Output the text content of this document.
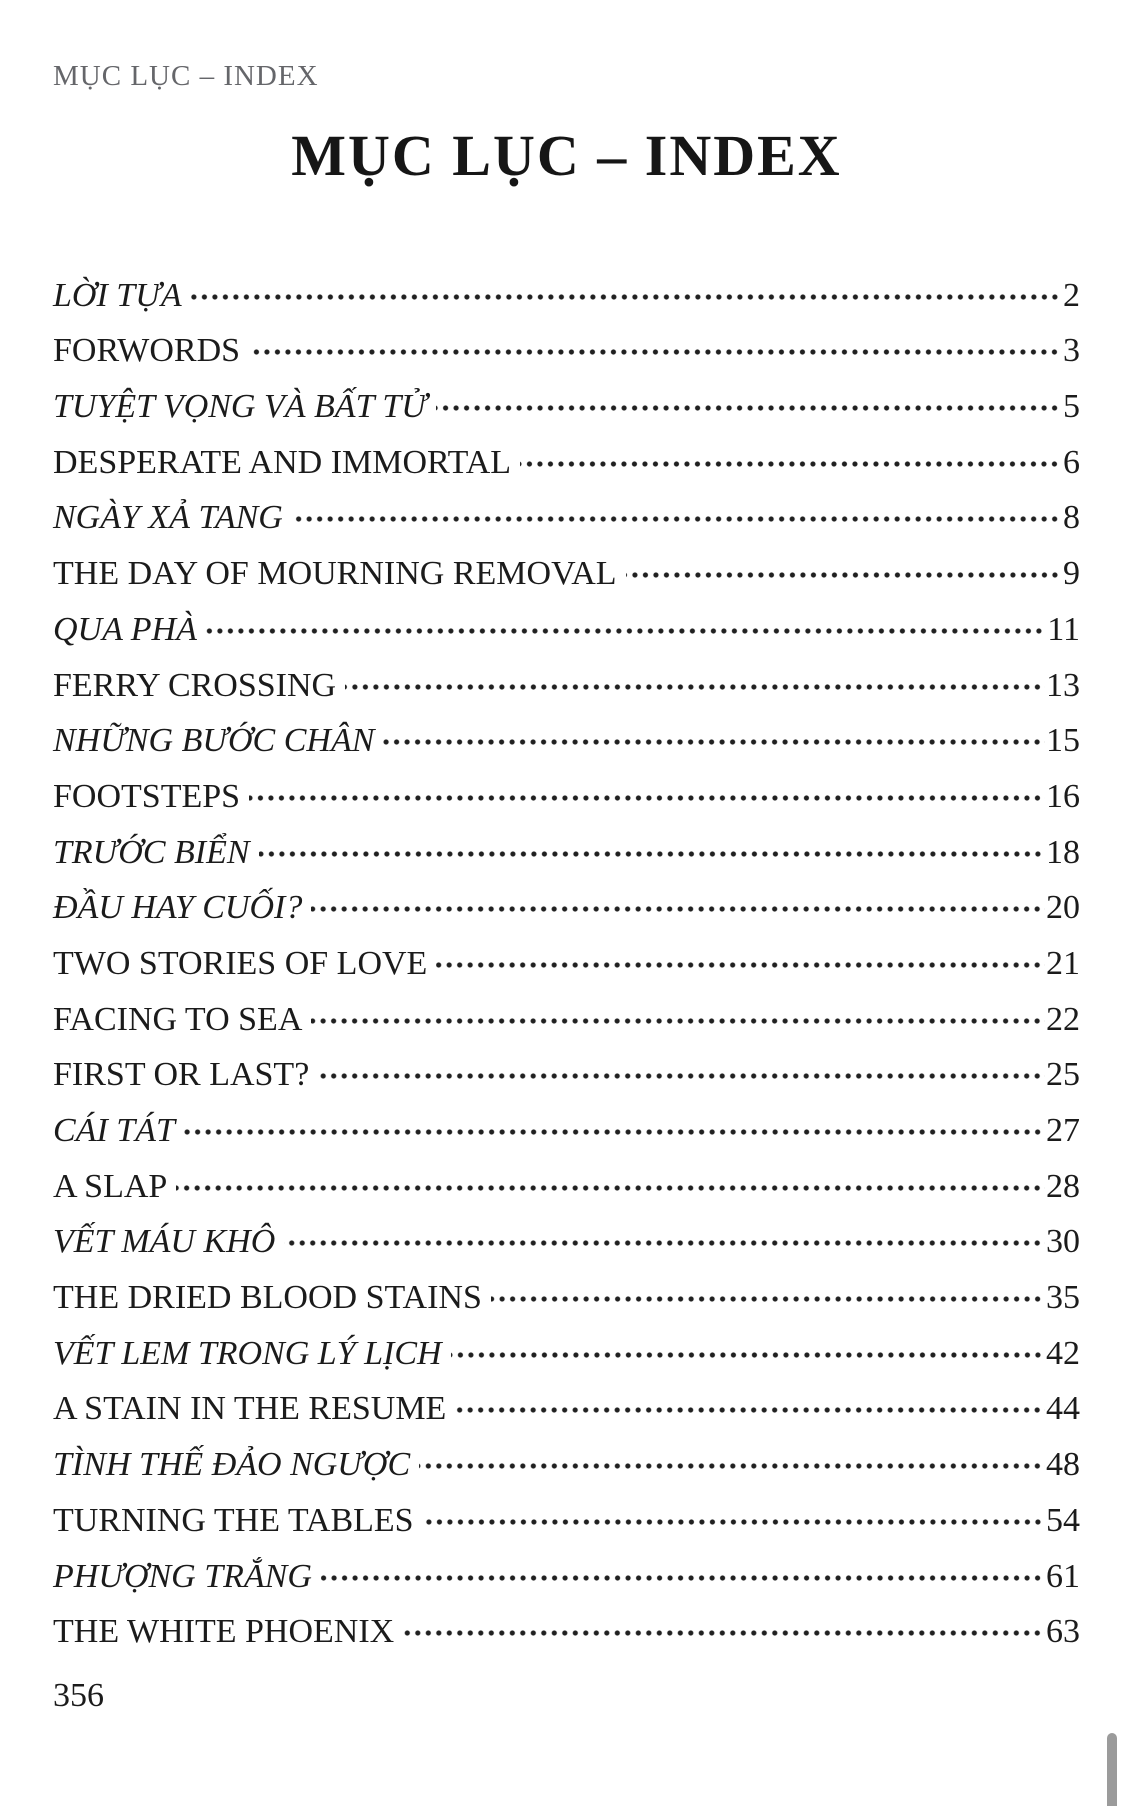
MỤC LỤC – INDEX
MỤC LỤC – INDEX
LỜI TỰA	2
FORWORDS	3
TUYỆT VỌNG VÀ BẤT TỬ	5
DESPERATE AND IMMORTAL	6
NGÀY XẢ TANG	8
THE DAY OF MOURNING REMOVAL	9
QUA PHÀ	11
FERRY CROSSING	13
NHỮNG BƯỚC CHÂN	15
FOOTSTEPS	16
TRƯỚC BIỂN	18
ĐẦU HAY CUỐI?	20
TWO STORIES OF LOVE	21
FACING TO SEA	22
FIRST OR LAST?	25
CÁI TÁT	27
A SLAP	28
VẾT MÁU KHÔ	30
THE DRIED BLOOD STAINS	35
VẾT LEM TRONG LÝ LỊCH	42
A STAIN IN THE RESUME	44
TÌNH THẾ ĐẢO NGƯỢC	48
TURNING THE TABLES	54
PHƯỢNG TRẮNG	61
THE WHITE PHOENIX	63
356
